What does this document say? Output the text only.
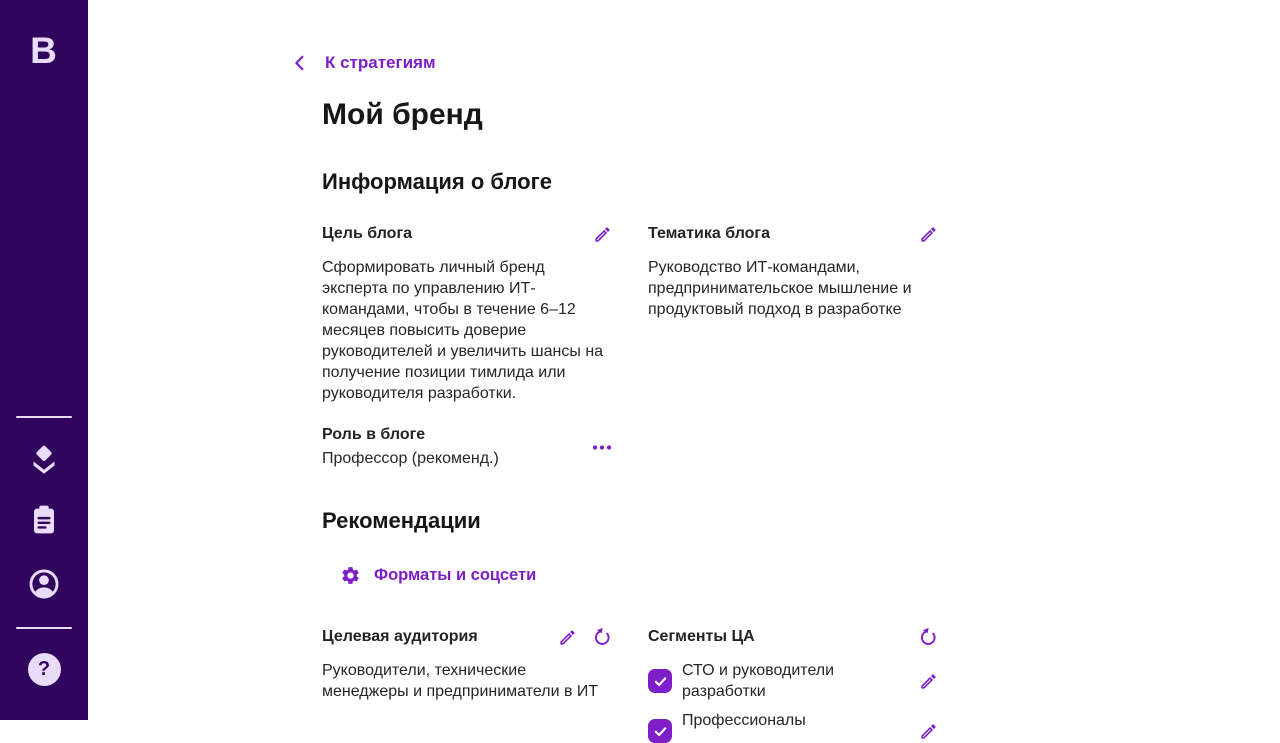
B
?
К стратегиям
Мой бренд
Информация о блоге
Цель блога
Сформировать личный бренд эксперта по управлению ИТ-командами, чтобы в течение 6–12 месяцев повысить доверие руководителей и увеличить шансы на получение позиции тимлида или руководителя разработки.
Роль в блоге
Профессор (рекоменд.)
Тематика блога
Руководство ИТ-командами, предпринимательское мышление и продуктовый подход в разработке
Рекомендации
Форматы и соцсети
Целевая аудитория
Руководители, технические менеджеры и предприниматели в ИТ
Сегменты ЦА
СТО и руководители разработки
Профессионалы
